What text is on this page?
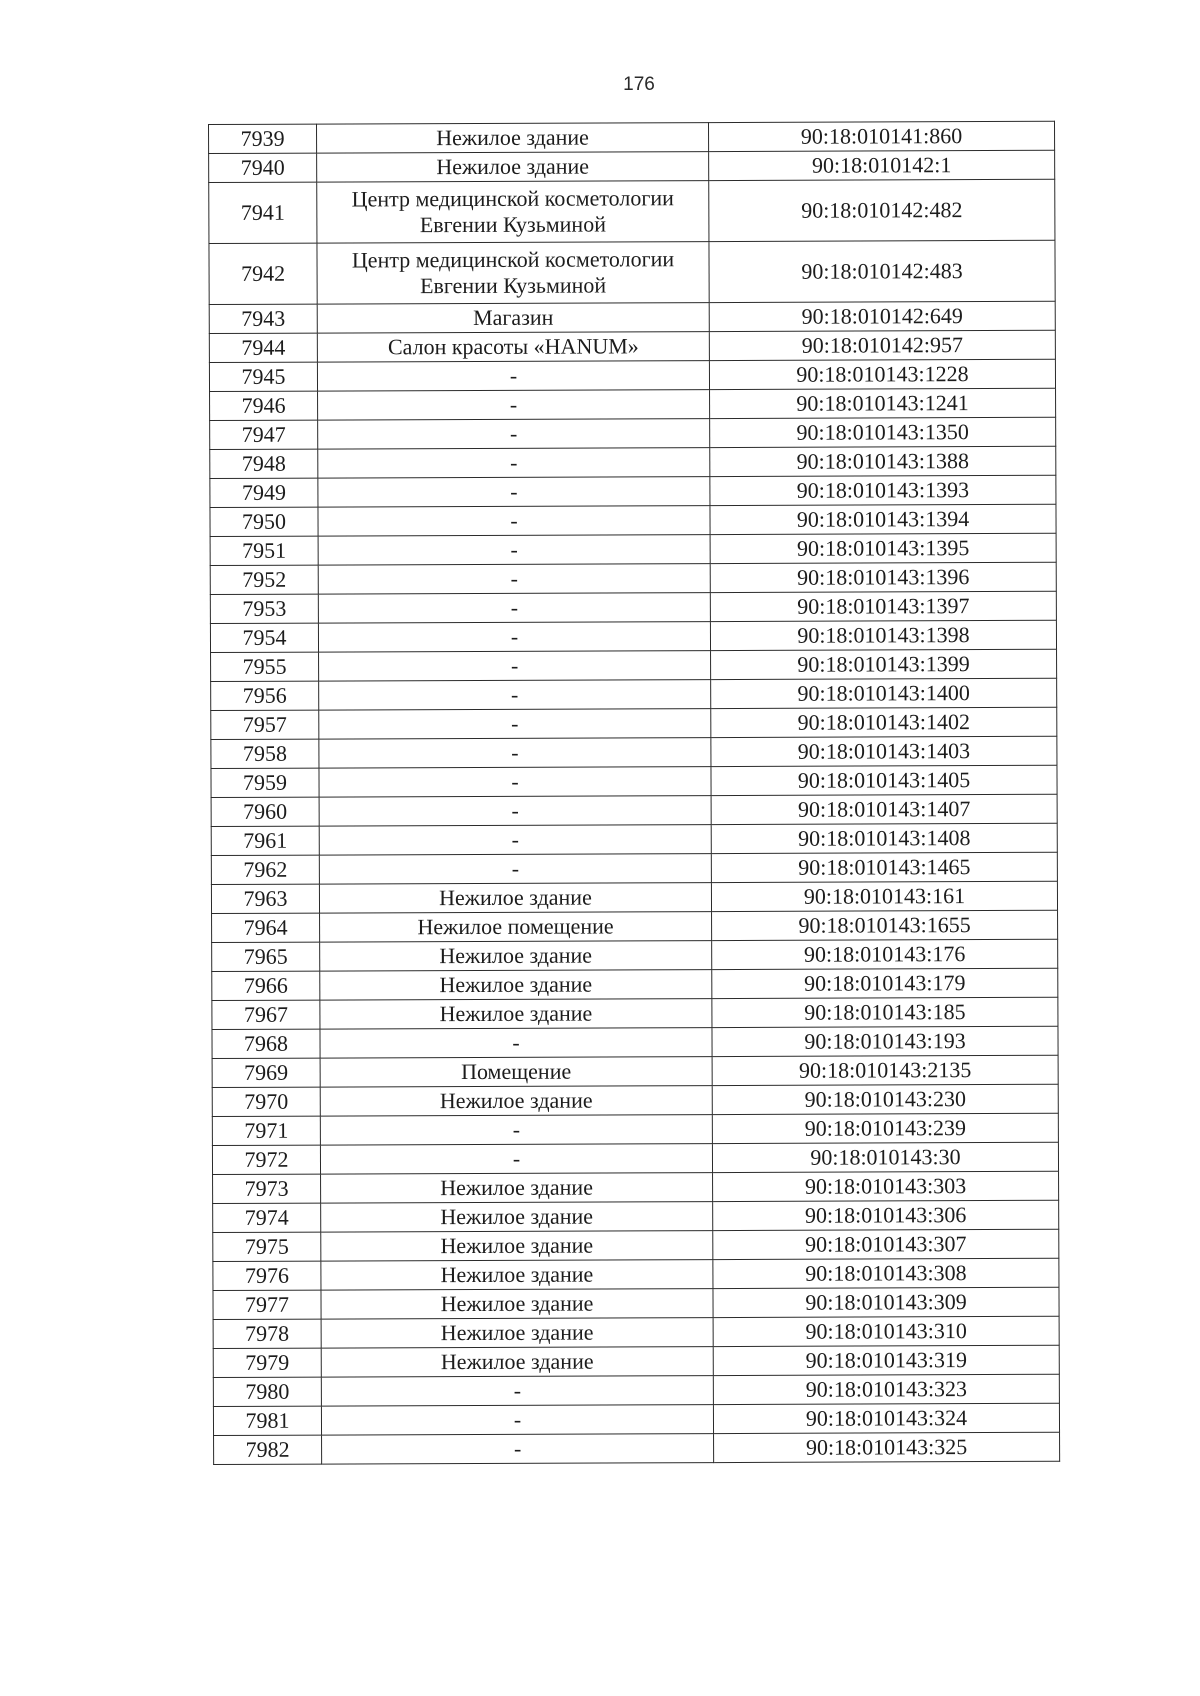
176
7939	Нежилое здание	90:18:010141:860
7940	Нежилое здание	90:18:010142:1
7941	Центр медицинской косметологии Евгении Кузьминой	90:18:010142:482
7942	Центр медицинской косметологии Евгении Кузьминой	90:18:010142:483
7943	Магазин	90:18:010142:649
7944	Салон красоты «HANUM»	90:18:010142:957
7945	-	90:18:010143:1228
7946	-	90:18:010143:1241
7947	-	90:18:010143:1350
7948	-	90:18:010143:1388
7949	-	90:18:010143:1393
7950	-	90:18:010143:1394
7951	-	90:18:010143:1395
7952	-	90:18:010143:1396
7953	-	90:18:010143:1397
7954	-	90:18:010143:1398
7955	-	90:18:010143:1399
7956	-	90:18:010143:1400
7957	-	90:18:010143:1402
7958	-	90:18:010143:1403
7959	-	90:18:010143:1405
7960	-	90:18:010143:1407
7961	-	90:18:010143:1408
7962	-	90:18:010143:1465
7963	Нежилое здание	90:18:010143:161
7964	Нежилое помещение	90:18:010143:1655
7965	Нежилое здание	90:18:010143:176
7966	Нежилое здание	90:18:010143:179
7967	Нежилое здание	90:18:010143:185
7968	-	90:18:010143:193
7969	Помещение	90:18:010143:2135
7970	Нежилое здание	90:18:010143:230
7971	-	90:18:010143:239
7972	-	90:18:010143:30
7973	Нежилое здание	90:18:010143:303
7974	Нежилое здание	90:18:010143:306
7975	Нежилое здание	90:18:010143:307
7976	Нежилое здание	90:18:010143:308
7977	Нежилое здание	90:18:010143:309
7978	Нежилое здание	90:18:010143:310
7979	Нежилое здание	90:18:010143:319
7980	-	90:18:010143:323
7981	-	90:18:010143:324
7982	-	90:18:010143:325
